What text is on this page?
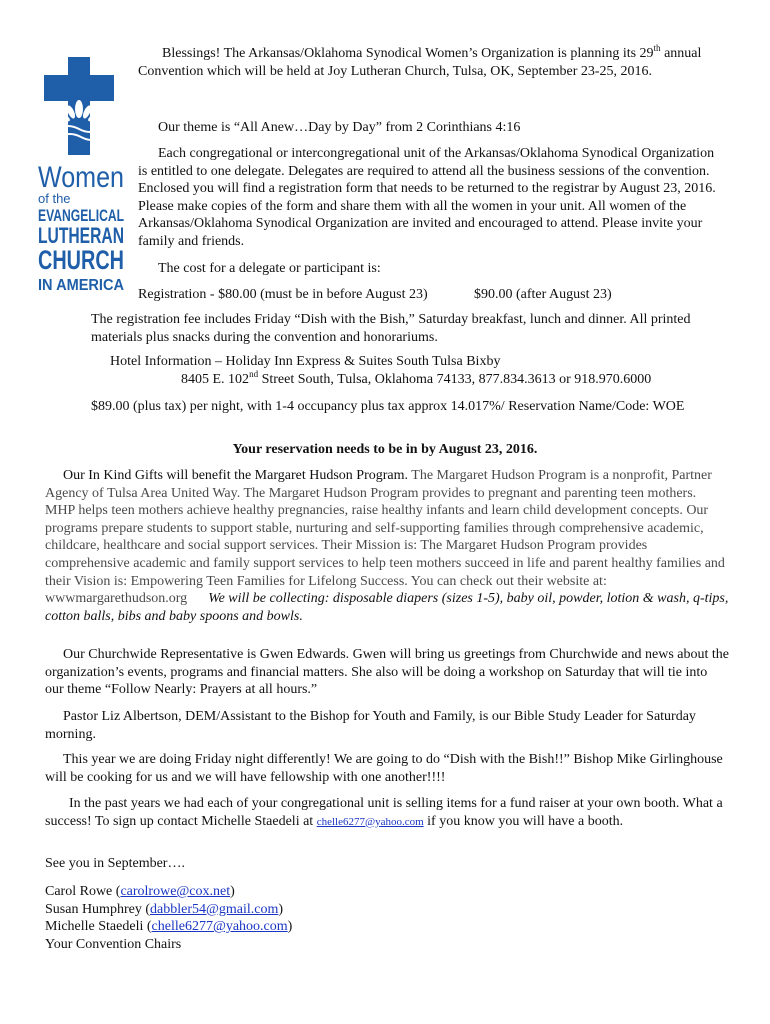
Women
of the
EVANGELICAL
LUTHERAN
CHURCH
IN AMERICA

Blessings! The Arkansas/Oklahoma Synodical Women’s Organization is planning its 29th annual Convention which will be held at Joy Lutheran Church, Tulsa, OK, September 23-25, 2016.

Our theme is “All Anew…Day by Day” from 2 Corinthians 4:16

Each congregational or intercongregational unit of the Arkansas/Oklahoma Synodical Organization is entitled to one delegate. Delegates are required to attend all the business sessions of the convention. Enclosed you will find a registration form that needs to be returned to the registrar by August 23, 2016. Please make copies of the form and share them with all the women in your unit. All women of the Arkansas/Oklahoma Synodical Organization are invited and encouraged to attend. Please invite your family and friends.

The cost for a delegate or participant is:

Registration - $80.00 (must be in before August 23)	$90.00 (after August 23)

The registration fee includes Friday “Dish with the Bish,” Saturday breakfast, lunch and dinner. All printed materials plus snacks during the convention and honorariums.

Hotel Information – Holiday Inn Express & Suites South Tulsa Bixby

8405 E. 102nd Street South, Tulsa, Oklahoma 74133, 877.834.3613 or 918.970.6000

$89.00 (plus tax) per night, with 1-4 occupancy plus tax approx 14.017%/ Reservation Name/Code: WOE

Your reservation needs to be in by August 23, 2016.

Our In Kind Gifts will benefit the Margaret Hudson Program. The Margaret Hudson Program is a nonprofit, Partner Agency of Tulsa Area United Way. The Margaret Hudson Program provides to pregnant and parenting teen mothers. MHP helps teen mothers achieve healthy pregnancies, raise healthy infants and learn child development concepts. Our programs prepare students to support stable, nurturing and self-supporting families through comprehensive academic, childcare, healthcare and social support services. Their Mission is: The Margaret Hudson Program provides comprehensive academic and family support services to help teen mothers succeed in life and parent healthy families and their Vision is: Empowering Teen Families for Lifelong Success. You can check out their website at: wwwmargarethudson.org We will be collecting: disposable diapers (sizes 1-5), baby oil, powder, lotion & wash, q-tips, cotton balls, bibs and baby spoons and bowls.

Our Churchwide Representative is Gwen Edwards. Gwen will bring us greetings from Churchwide and news about the organization’s events, programs and financial matters. She also will be doing a workshop on Saturday that will tie into our theme “Follow Nearly: Prayers at all hours.”

Pastor Liz Albertson, DEM/Assistant to the Bishop for Youth and Family, is our Bible Study Leader for Saturday morning.

This year we are doing Friday night differently! We are going to do “Dish with the Bish!!” Bishop Mike Girlinghouse will be cooking for us and we will have fellowship with one another!!!!

In the past years we had each of your congregational unit is selling items for a fund raiser at your own booth. What a success! To sign up contact Michelle Staedeli at chelle6277@yahoo.com if you know you will have a booth.

See you in September….

Carol Rowe (carolrowe@cox.net)
Susan Humphrey (dabbler54@gmail.com)
Michelle Staedeli (chelle6277@yahoo.com)
Your Convention Chairs
